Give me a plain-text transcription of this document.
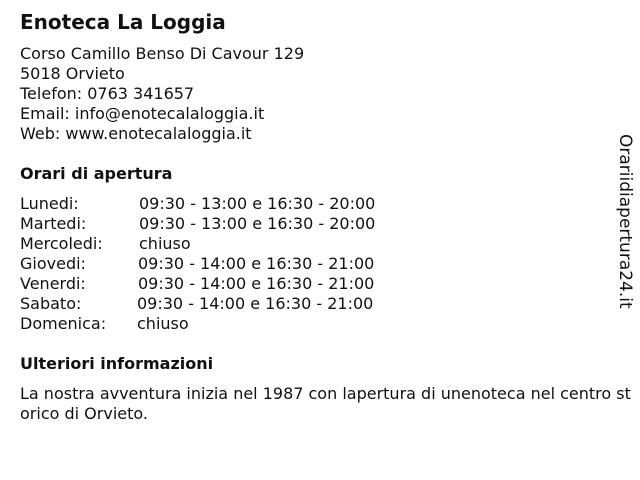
Enoteca La Loggia
Corso Camillo Benso Di Cavour 129
5018 Orvieto
Telefon: 0763 341657
Email: info@enotecalaloggia.it
Web: www.enotecalaloggia.it
Orari di apertura
Lunedi:	09:30 - 13:00 e 16:30 - 20:00
Martedi:	09:30 - 13:00 e 16:30 - 20:00
Mercoledi: chiuso
Giovedi:	09:30 - 14:00 e 16:30 - 21:00
Venerdi:	09:30 - 14:00 e 16:30 - 21:00
Sabato:	09:30 - 14:00 e 16:30 - 21:00
Domenica: chiuso
Ulteriori informazioni

La nostra avventura inizia nel 1987 con lapertura di unenoteca nel centro storico di Orvieto.

Orariidiapertura24.it
